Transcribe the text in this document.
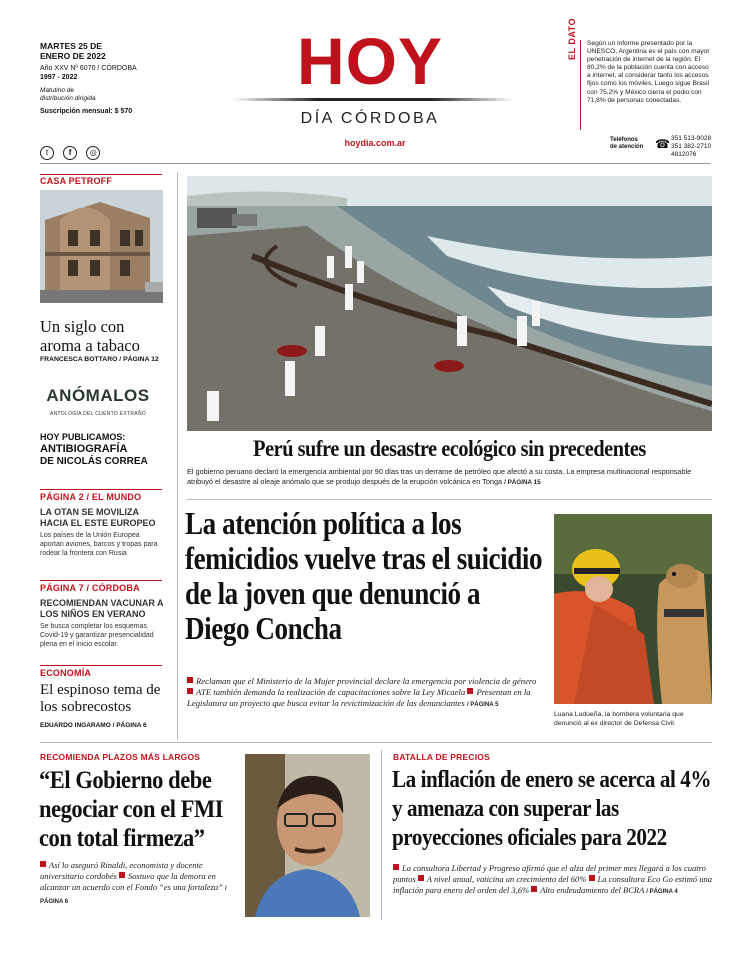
MARTES 25 DE
ENERO DE 2022
Año XXV Nº 6070 / CÓRDOBA
1997 - 2022
Matutino de
distribución dirigida
Suscripción mensual: $ 570
t	f ◎
HOY
DÍA CÓRDOBA
hoydia.com.ar
EL DATO Según un informe presentado por la UNESCO, Argentina es el país con mayor penetración de internet de la región. El 80,2% de la población cuenta con acceso a internet, al considerar tanto los accesos fijos como los móviles. Luego sigue Brasil con 75,2% y México cierra el podio con 71,8% de personas conectadas.
Teléfonos
de atención ☎ 351 513-9028
351 382-2710
4812076
CASA PETROFF
Un siglo con aroma a tabaco
FRANCESCA BOTTARO / PÁGINA 12
ANÓMALOS
ANTOLOGÍA DEL CUENTO EXTRAÑO
HOY PUBLICAMOS:
ANTIBIOGRAFÍA
DE NICOLÁS CORREA
PÁGINA 2 / EL MUNDO
LA OTAN SE MOVILIZA HACIA EL ESTE EUROPEO
Los países de la Unión Europea aportan aviones, barcos y tropas para rodear la frontera con Rusia
PÁGINA 7 / CÓRDOBA
RECOMIENDAN VACUNAR A LOS NIÑOS EN VERANO
Se busca completar los esquemas Covid-19 y garantizar presencialidad plena en el inicio escolar.
ECONOMÍA
El espinoso tema de los sobrecostos
EDUARDO INGARAMO / PÁGINA 6
Perú sufre un desastre ecológico sin precedentes
El gobierno peruano declaró la emergencia ambiental por 90 días tras un derrame de petróleo que afectó a su costa. La empresa multinacional responsable atribuyó el desastre al oleaje anómalo que se produjo después de la erupción volcánica en Tonga / PÁGINA 15
La atención política a los femicidios vuelve tras el suicidio de la joven que denunció a Diego Concha
Reclaman que el Ministerio de la Mujer provincial declare la emergencia por violencia de género ATE también demanda la realización de capacitaciones sobre la Ley Micaela Presentan en la Legislatura un proyecto que busca evitar la revictimización de las denunciantes / PÁGINA 5
Luana Ludueña, la bombera voluntaria que denunció al ex director de Defensa Civil.
RECOMIENDA PLAZOS MÁS LARGOS
“El Gobierno debe negociar con el FMI con total firmeza”
Así lo aseguró Rinaldi, economista y docente universitario cordobés Sostuvo que la demora en alcanzar un acuerdo con el Fondo “es una fortaleza” / PÁGINA 6
BATALLA DE PRECIOS
La inflación de enero se acerca al 4% y amenaza con superar las proyecciones oficiales para 2022
La consultora Libertad y Progreso afirmó que el alza del primer mes llegará a los cuatro puntos A nivel anual, vaticina un crecimiento del 60% La consultora Eco Go estimó una inflación para enero del orden del 3,6% Alto endeudamiento del BCRA / PÁGINA 4
